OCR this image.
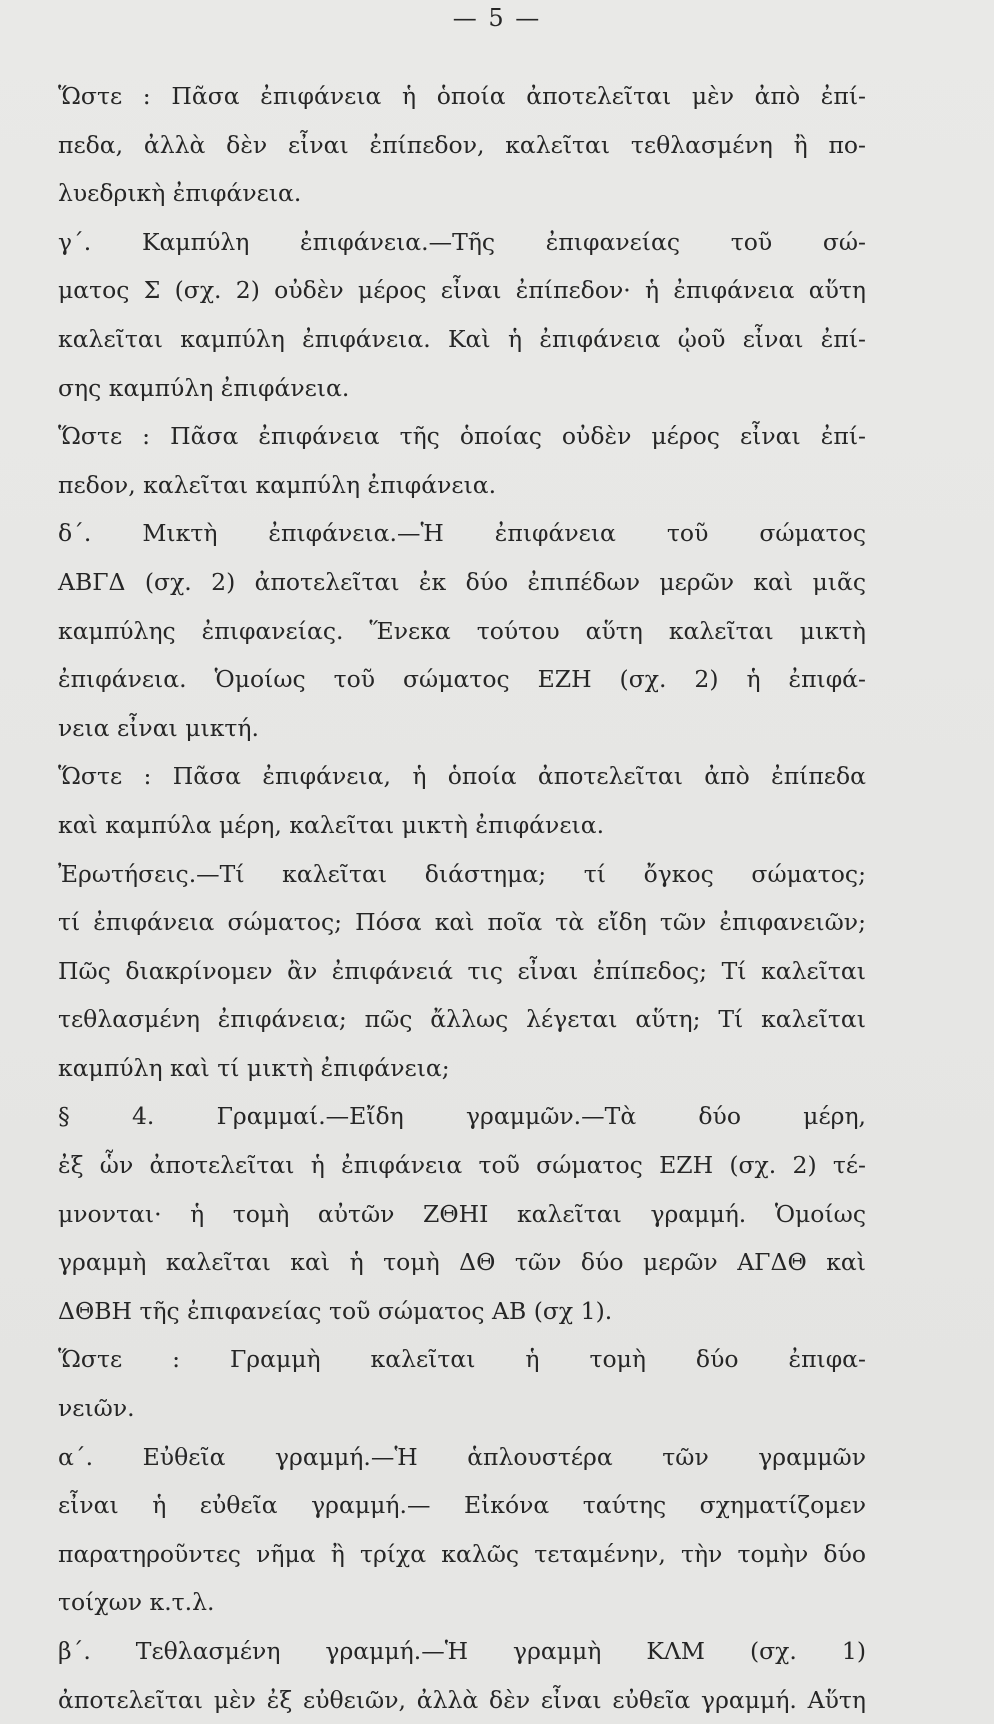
— 5 —
Ὥστε : Πᾶσα ἐπιφάνεια ἡ ὁποία ἀποτελεῖται μὲν ἀπὸ ἐπί-
πεδα, ἀλλὰ δὲν εἶναι ἐπίπεδον, καλεῖται τεθλασμένη ἢ πο-
λυεδρικὴ ἐπιφάνεια.
γ΄. Καμπύλη ἐπιφάνεια.—Τῆς ἐπιφανείας τοῦ σώ-
ματος Σ (σχ. 2) οὐδὲν μέρος εἶναι ἐπίπεδον· ἡ ἐπιφάνεια αὕτη
καλεῖται καμπύλη ἐπιφάνεια. Καὶ ἡ ἐπιφάνεια ᾠοῦ εἶναι ἐπί-
σης καμπύλη ἐπιφάνεια.
Ὥστε : Πᾶσα ἐπιφάνεια τῆς ὁποίας οὐδὲν μέρος εἶναι ἐπί-
πεδον, καλεῖται καμπύλη ἐπιφάνεια.
δ΄. Μικτὴ ἐπιφάνεια.—Ἡ ἐπιφάνεια τοῦ σώματος
ΑΒΓΔ (σχ. 2) ἀποτελεῖται ἐκ δύο ἐπιπέδων μερῶν καὶ μιᾶς
καμπύλης ἐπιφανείας. Ἕνεκα τούτου αὕτη καλεῖται μικτὴ
ἐπιφάνεια. Ὁμοίως τοῦ σώματος ΕΖΗ (σχ. 2) ἡ ἐπιφά-
νεια εἶναι μικτή.
Ὥστε : Πᾶσα ἐπιφάνεια, ἡ ὁποία ἀποτελεῖται ἀπὸ ἐπίπεδα
καὶ καμπύλα μέρη, καλεῖται μικτὴ ἐπιφάνεια.
Ἐρωτήσεις.—Τί καλεῖται διάστημα; τί ὄγκος σώματος;
τί ἐπιφάνεια σώματος; Πόσα καὶ ποῖα τὰ εἴδη τῶν ἐπιφανειῶν;
Πῶς διακρίνομεν ἂν ἐπιφάνειά τις εἶναι ἐπίπεδος; Τί καλεῖται
τεθλασμένη ἐπιφάνεια; πῶς ἄλλως λέγεται αὕτη; Τί καλεῖται
καμπύλη καὶ τί μικτὴ ἐπιφάνεια;
§ 4. Γραμμαί.—Εἴδη γραμμῶν.—Τὰ δύο μέρη,
ἐξ ὧν ἀποτελεῖται ἡ ἐπιφάνεια τοῦ σώματος ΕΖΗ (σχ. 2) τέ-
μνονται· ἡ τομὴ αὐτῶν ΖΘΗΙ καλεῖται γραμμή. Ὁμοίως
γραμμὴ καλεῖται καὶ ἡ τομὴ ΔΘ τῶν δύο μερῶν ΑΓΔΘ καὶ
ΔΘΒΗ τῆς ἐπιφανείας τοῦ σώματος ΑΒ (σχ 1).
Ὥστε : Γραμμὴ καλεῖται ἡ τομὴ δύο ἐπιφα-
νειῶν.
α΄. Εὐθεῖα γραμμή.—Ἡ ἁπλουστέρα τῶν γραμμῶν
εἶναι ἡ εὐθεῖα γραμμή.— Εἰκόνα ταύτης σχηματίζομεν
παρατηροῦντες νῆμα ἢ τρίχα καλῶς τεταμένην, τὴν τομὴν δύο
τοίχων κ.τ.λ.
β΄. Τεθλασμένη γραμμή.—Ἡ γραμμὴ ΚΛΜ (σχ. 1)
ἀποτελεῖται μὲν ἐξ εὐθειῶν, ἀλλὰ δὲν εἶναι εὐθεῖα γραμμή. Αὕτη
